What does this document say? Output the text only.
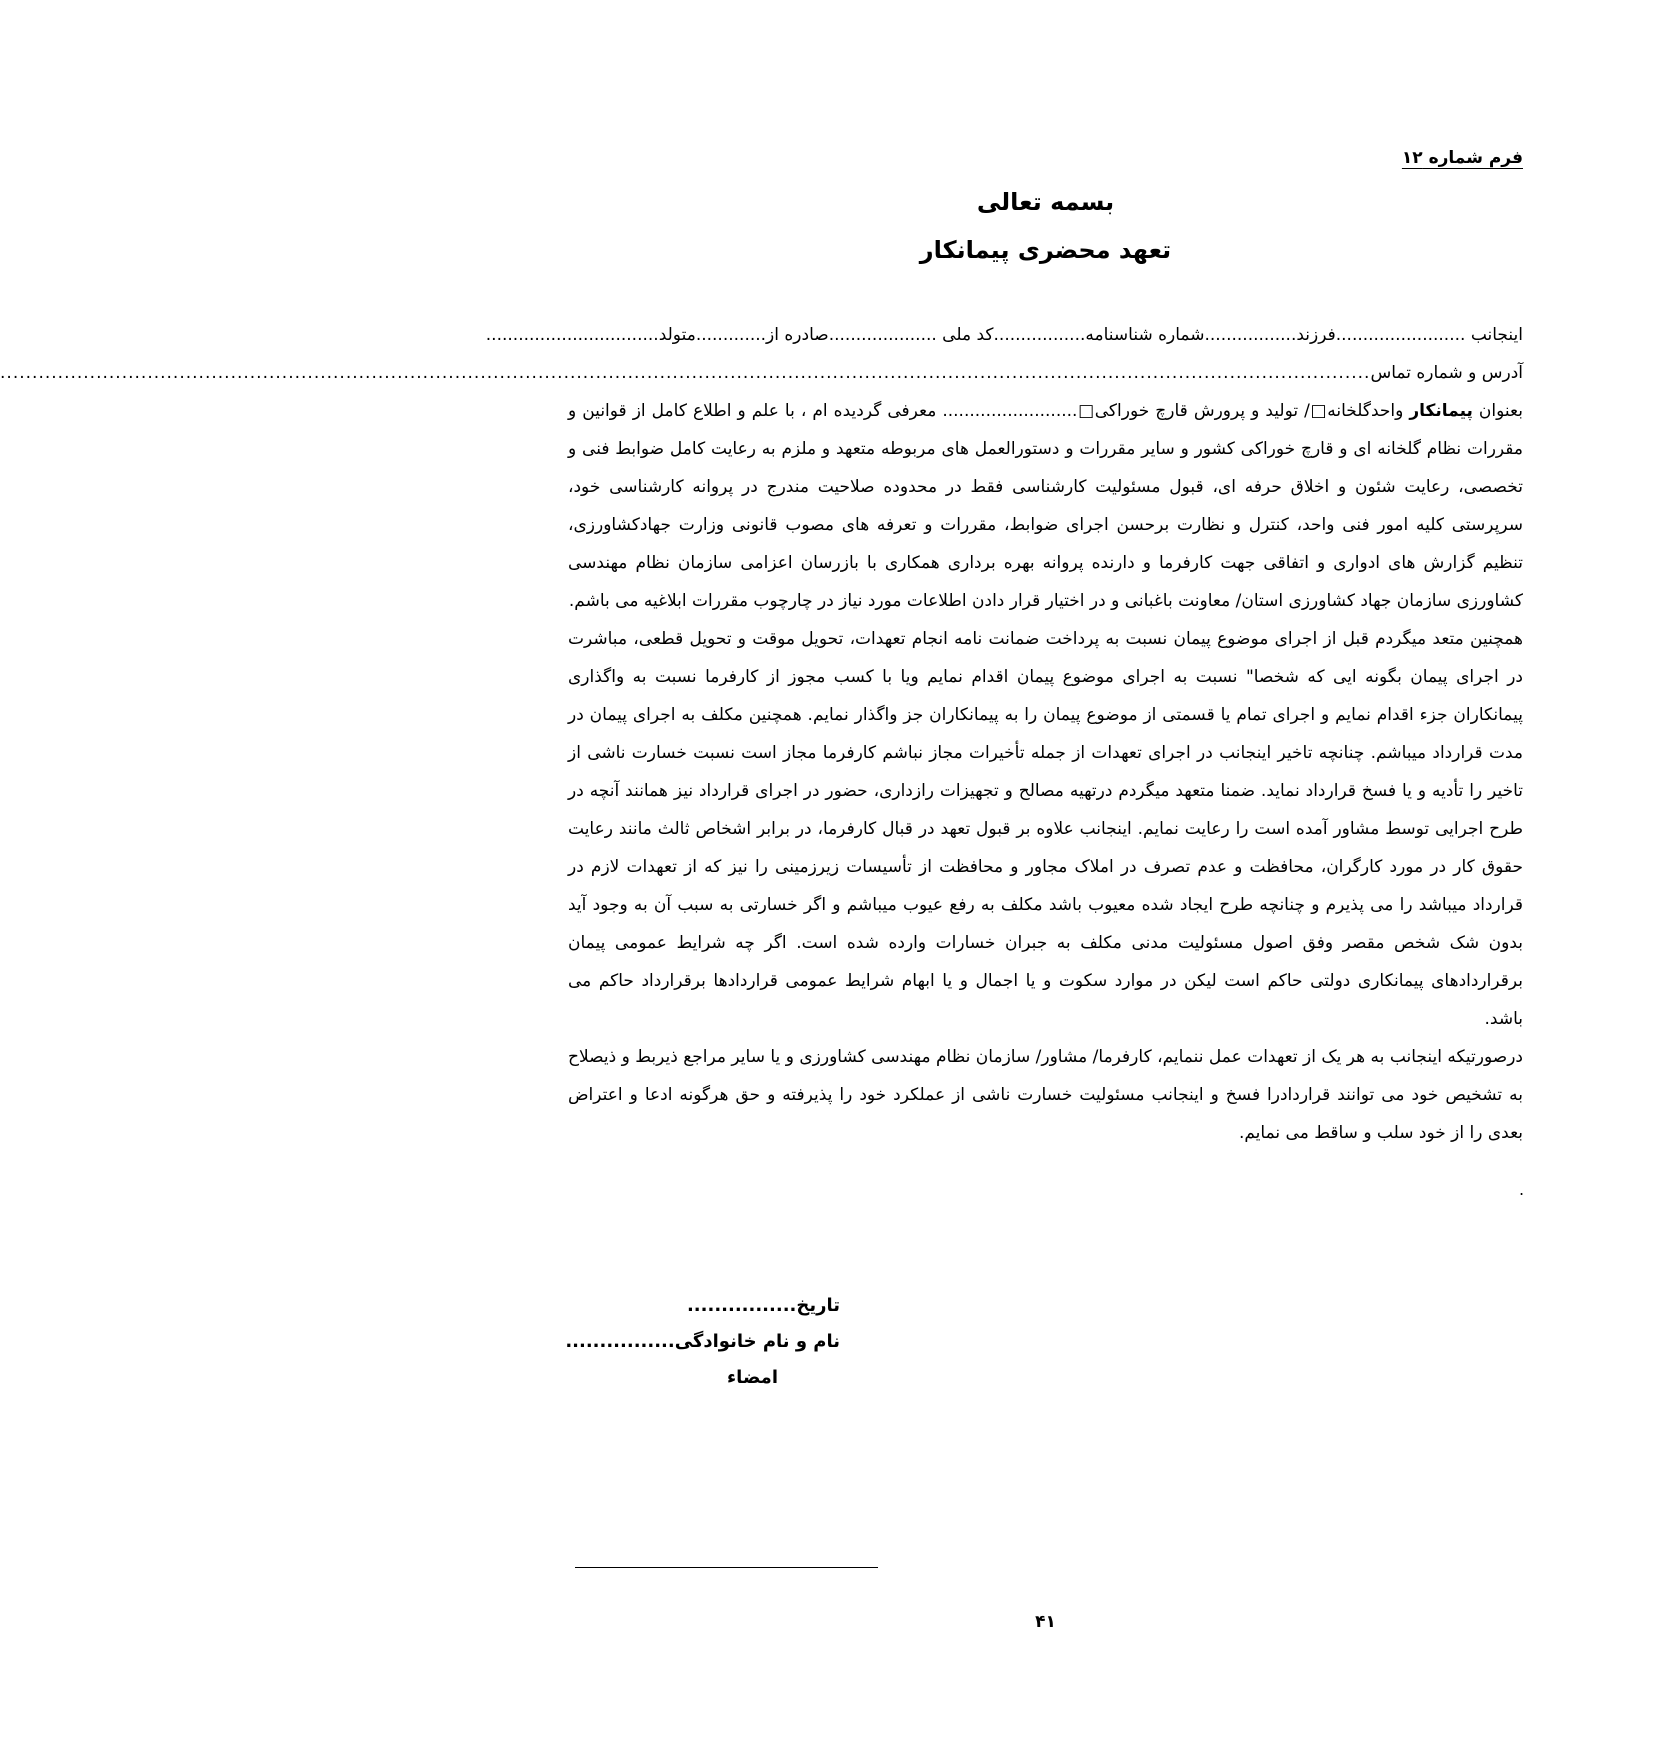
فرم شماره ۱۲
بسمه تعالی
تعهد محضری پیمانکار
اینجانب ........................
فرزند.................
شماره شناسنامه.................کد ملی ....................
صادره از.............
متولد................................
آدرس و شماره تماس
......................................................................................................................................................................................................................

بعنوان پیمانکار واحدگلخانه□/ تولید و پرورش قارچ خوراکی□......................... معرفی گردیده ام ، با علم و اطلاع کامل از قوانین و مقررات نظام گلخانه ای و قارچ خوراکی کشور و سایر مقررات و دستورالعمل های مربوطه متعهد و ملزم به رعایت کامل ضوابط فنی و تخصصی، رعایت شئون و اخلاق حرفه ای، قبول مسئولیت کارشناسی فقط در محدوده صلاحیت مندرج در پروانه کارشناسی خود، سرپرستی کلیه امور فنی واحد، کنترل و نظارت برحسن اجرای ضوابط، مقررات و تعرفه های مصوب قانونی وزارت جهادکشاورزی، تنظیم گزارش های ادواری و اتفاقی جهت کارفرما و دارنده پروانه بهره برداری همکاری با بازرسان اعزامی سازمان نظام مهندسی کشاورزی سازمان جهاد کشاورزی استان/ معاونت باغبانی و در اختیار قرار دادن اطلاعات مورد نیاز در چارچوب مقررات ابلاغیه می باشم.

همچنین متعد میگردم قبل از اجرای موضوع پیمان نسبت به پرداخت ضمانت نامه انجام تعهدات، تحویل موقت و تحویل قطعی، مباشرت در اجرای پیمان بگونه ایی که شخصا" نسبت به اجرای موضوع پیمان اقدام نمایم ویا با کسب مجوز از کارفرما نسبت به واگذاری پیمانکاران جزء اقدام نمایم و اجرای تمام یا قسمتی از موضوع پیمان را به پیمانکاران جز واگذار نمایم. همچنین مکلف به اجرای پیمان در مدت قرارداد میباشم. چنانچه تاخیر اینجانب در اجرای تعهدات از جمله تأخیرات مجاز نباشم کارفرما مجاز است نسبت خسارت ناشی از تاخیر را تأدیه و یا فسخ قرارداد نماید. ضمنا متعهد میگردم درتهیه مصالح و تجهیزات رازداری، حضور در اجرای قرارداد نیز همانند آنچه در طرح اجرایی توسط مشاور آمده است را رعایت نمایم. اینجانب علاوه بر قبول تعهد در قبال کارفرما، در برابر اشخاص ثالث مانند رعایت حقوق کار در مورد کارگران، محافظت و عدم تصرف در املاک مجاور و محافظت از تأسیسات زیرزمینی را نیز که از تعهدات لازم در قرارداد میباشد را می پذیرم و چنانچه طرح ایجاد شده معیوب باشد مکلف به رفع عیوب میباشم و اگر خسارتی به سبب آن به وجود آید بدون شک شخص مقصر وفق اصول مسئولیت مدنی مکلف به جبران خسارات وارده شده است. اگر چه شرایط عمومی پیمان برقراردادهای پیمانکاری دولتی حاکم است لیکن در موارد سکوت و یا اجمال و یا ابهام شرایط عمومی قراردادها برقرارداد حاکم می باشد.

درصورتیکه اینجانب به هر یک از تعهدات عمل ننمایم، کارفرما/ مشاور/ سازمان نظام مهندسی کشاورزی و یا سایر مراجع ذیربط و ذیصلاح به تشخیص خود می توانند قراردادرا فسخ و اینجانب مسئولیت خسارت ناشی از عملکرد خود را پذیرفته و حق هرگونه ادعا و اعتراض بعدی را از خود سلب و ساقط می نمایم.

.
تاریخ................
نام و نام خانوادگی................
امضاء
۴۱
